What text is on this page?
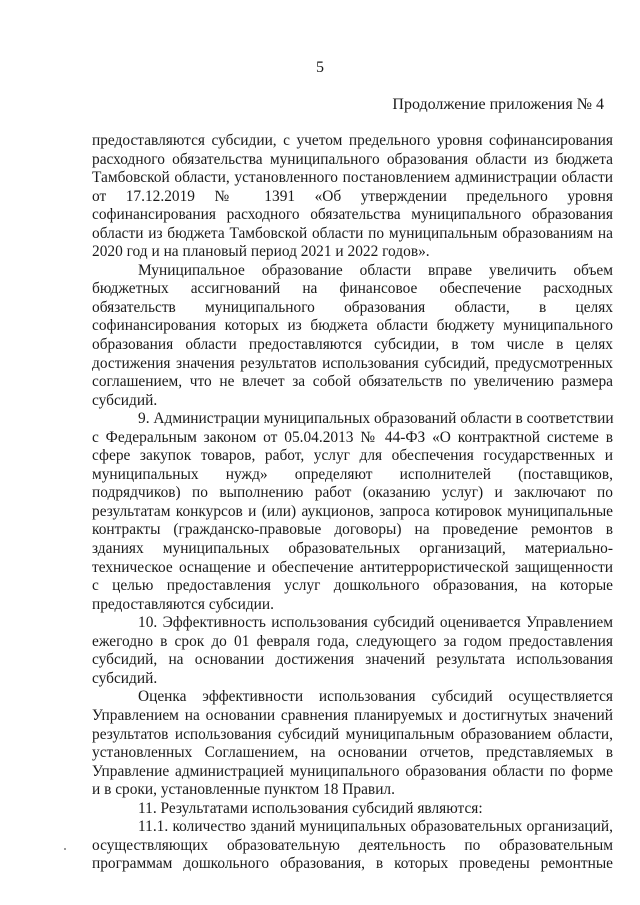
5
Продолжение приложения № 4
предоставляются субсидии, с учетом предельного уровня софинансирования
расходного обязательства муниципального образования области из бюджета
Тамбовской области, установленного постановлением администрации области
от 17.12.2019 № 1391 «Об утверждении предельного уровня
софинансирования расходного обязательства муниципального образования
области из бюджета Тамбовской области по муниципальным образованиям на
2020 год и на плановый период 2021 и 2022 годов».
Муниципальное образование области вправе увеличить объем
бюджетных ассигнований на финансовое обеспечение расходных
обязательств муниципального образования области, в целях
софинансирования которых из бюджета области бюджету муниципального
образования области предоставляются субсидии, в том числе в целях
достижения значения результатов использования субсидий, предусмотренных
соглашением, что не влечет за собой обязательств по увеличению размера
субсидий.
9. Администрации муниципальных образований области в соответствии
с Федеральным законом от 05.04.2013 № 44-ФЗ «О контрактной системе в
сфере закупок товаров, работ, услуг для обеспечения государственных и
муниципальных нужд» определяют исполнителей (поставщиков,
подрядчиков) по выполнению работ (оказанию услуг) и заключают по
результатам конкурсов и (или) аукционов, запроса котировок муниципальные
контракты (гражданско-правовые договоры) на проведение ремонтов в
зданиях муниципальных образовательных организаций, материально-
техническое оснащение и обеспечение антитеррористической защищенности
с целью предоставления услуг дошкольного образования, на которые
предоставляются субсидии.
10. Эффективность использования субсидий оценивается Управлением
ежегодно в срок до 01 февраля года, следующего за годом предоставления
субсидий, на основании достижения значений результата использования
субсидий.
Оценка эффективности использования субсидий осуществляется
Управлением на основании сравнения планируемых и достигнутых значений
результатов использования субсидий муниципальным образованием области,
установленных Соглашением, на основании отчетов, представляемых в
Управление администрацией муниципального образования области по форме
и в сроки, установленные пунктом 18 Правил.
11. Результатами использования субсидий являются:
11.1. количество зданий муниципальных образовательных организаций,
осуществляющих образовательную деятельность по образовательным
программам дошкольного образования, в которых проведены ремонтные
